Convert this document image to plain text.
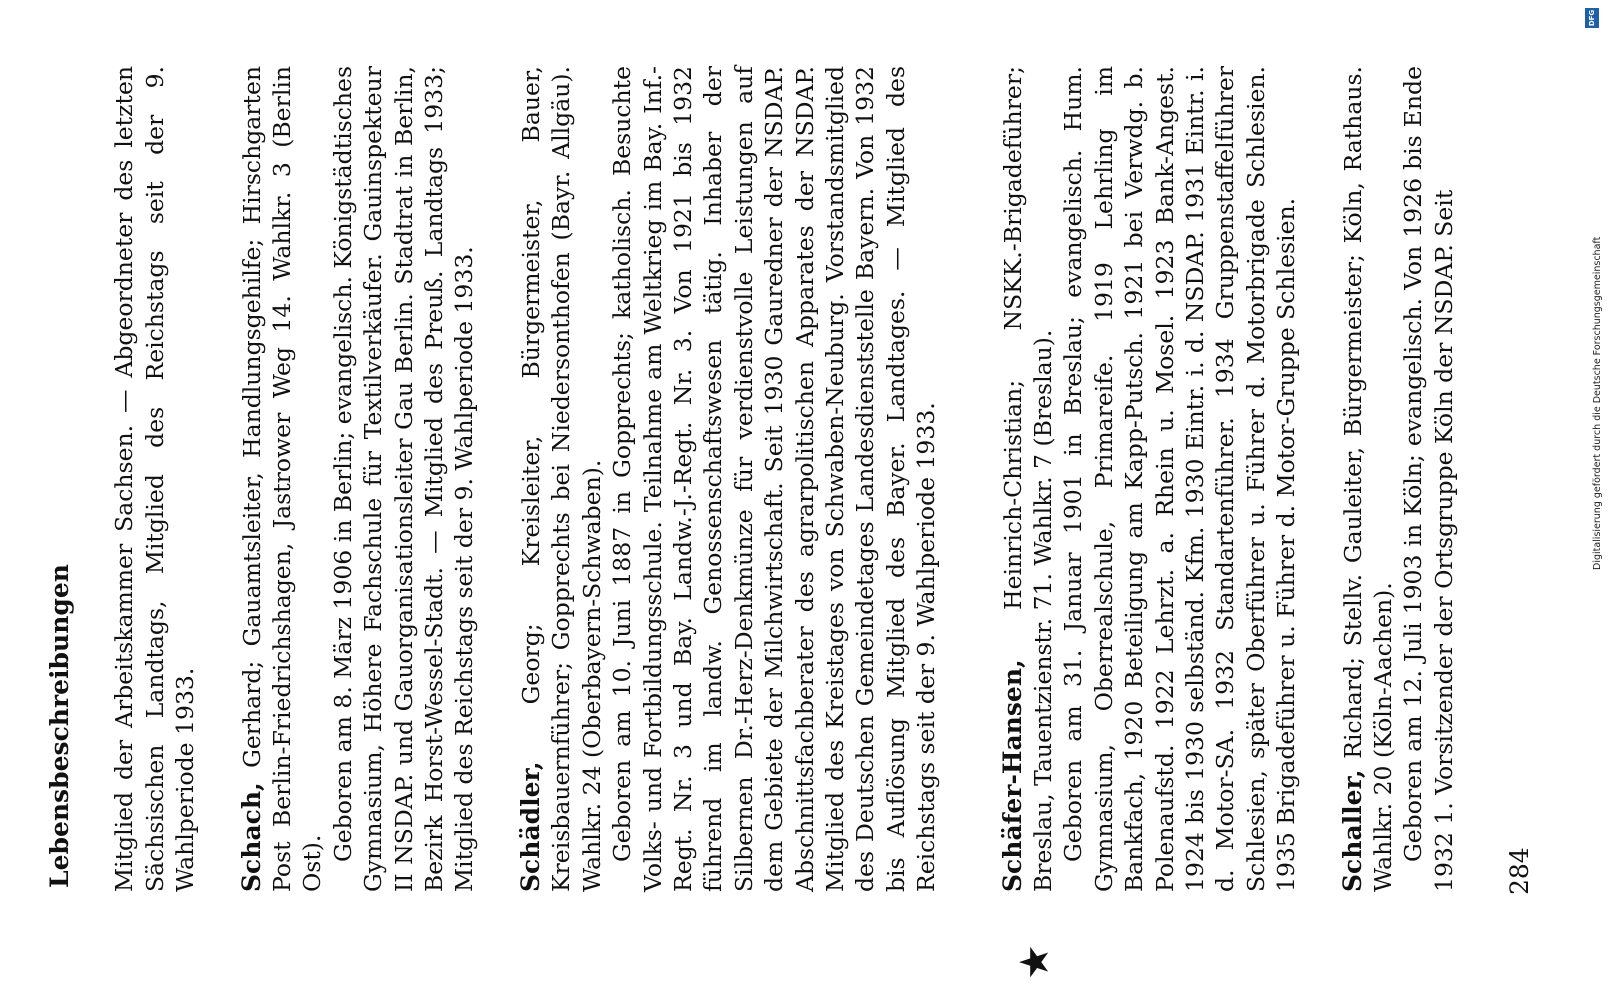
DFG
Digitalisierung gefördert durch die Deutsche Forschungsgemeinschaft
★
Lebensbeschreibungen Mitglied der Arbeitskammer Sachsen. — Abgeordneter des letzten Sächsischen Landtags, Mitglied des Reichstags seit der 9. Wahlperiode 1933. Schach, Gerhard; Gauamtsleiter, Handlungsgehilfe; Hirschgarten Post Berlin-Friedrichshagen, Jastrower Weg 14. Wahlkr. 3 (Berlin Ost).

Geboren am 8. März 1906 in Berlin; evangelisch. Königstädtisches Gymnasium, Höhere Fachschule für Textilverkäufer. Gauinspekteur II NSDAP. und Gauorganisationsleiter Gau Berlin. Stadtrat in Berlin, Bezirk Horst-Wessel-Stadt. — Mitglied des Preuß. Landtags 1933; Mitglied des Reichstags seit der 9. Wahlperiode 1933. Schädler, Georg; Kreisleiter, Bürgermeister, Bauer, Kreisbauernführer; Gopprechts bei Niedersonthofen (Bayr. Allgäu). Wahlkr. 24 (Oberbayern-Schwaben). Geboren am 10. Juni 1887 in Gopprechts; katholisch. Besuchte Volks- und Fortbildungsschule. Teilnahme am Weltkrieg im Bay. Inf.-Regt. Nr. 3 und Bay. Landw.-J.-Regt. Nr. 3. Von 1921 bis 1932 führend im landw. Genossenschaftswesen tätig. Inhaber der Silbernen Dr.-Herz-Denkmünze für verdienstvolle Leistungen auf dem Gebiete der Milchwirtschaft. Seit 1930 Gauredner der NSDAP. Abschnittsfachberater des agrarpolitischen Apparates der NSDAP. Mitglied des Kreistages von Schwaben-Neuburg. Vorstandsmitglied des Deutschen Gemeindetages Landesdienststelle Bayern. Von 1932 bis Auflösung Mitglied des Bayer. Landtages. — Mitglied des Reichstags seit der 9. Wahlperiode 1933. Schäfer-Hansen, Heinrich-Christian; NSKK.-Brigadeführer; Breslau, Tauentzienstr. 71. Wahlkr. 7 (Breslau). Geboren am 31. Januar 1901 in Breslau; evangelisch. Hum. Gymnasium, Oberrealschule, Primareife. 1919 Lehrling im Bankfach, 1920 Beteiligung am Kapp-Putsch. 1921 bei Verwdg. b. Polenaufstd. 1922 Lehrzt. a. Rhein u. Mosel. 1923 Bank-Angest. 1924 bis 1930 selbständ. Kfm. 1930 Eintr. i. d. NSDAP. 1931 Eintr. i. d. Motor-SA. 1932 Standartenführer. 1934 Gruppenstaffelführer Schlesien, später Oberführer u. Führer d. Motorbrigade Schlesien. 1935 Brigadeführer u. Führer d. Motor-Gruppe Schlesien. Schaller, Richard; Stellv. Gauleiter, Bürgermeister; Köln, Rathaus. Wahlkr. 20 (Köln-Aachen). Geboren am 12. Juli 1903 in Köln; evangelisch. Von 1926 bis Ende 1932 1. Vorsitzender der Ortsgruppe Köln der NSDAP. Seit 284
